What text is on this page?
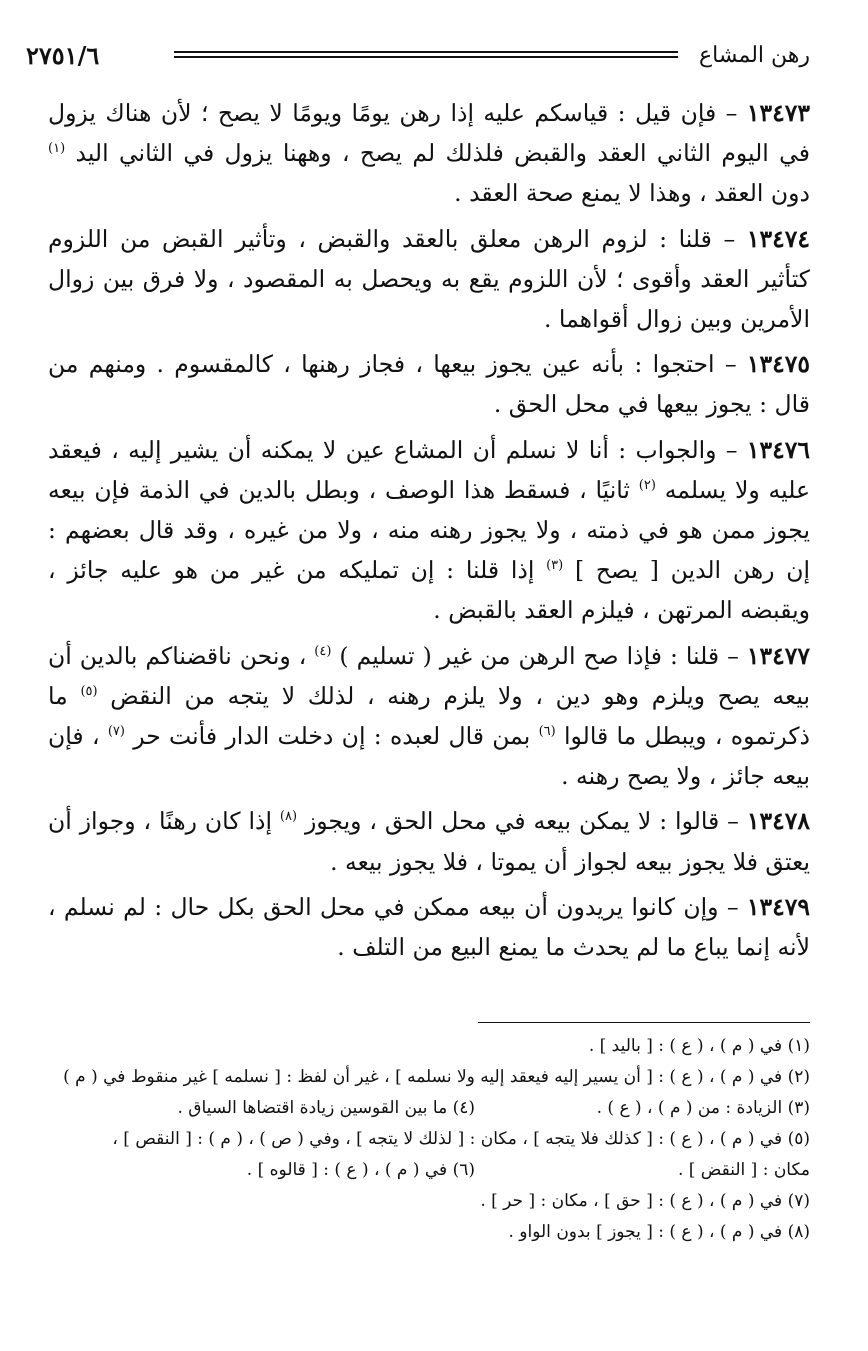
رهن المشاع
٢٧٥١/٦

١٣٤٧٣ – فإن قيل : قياسكم عليه إذا رهن يومًا ويومًا لا يصح ؛ لأن هناك يزول في اليوم الثاني العقد والقبض فلذلك لم يصح ، وههنا يزول في الثاني اليد $^{(١)}$ دون العقد ، وهذا لا يمنع صحة العقد .

١٣٤٧٤ – قلنا : لزوم الرهن معلق بالعقد والقبض ، وتأثير القبض من اللزوم كتأثير العقد وأقوى ؛ لأن اللزوم يقع به ويحصل به المقصود ، ولا فرق بين زوال الأمرين وبين زوال أقواهما .

١٣٤٧٥ – احتجوا : بأنه عين يجوز بيعها ، فجاز رهنها ، كالمقسوم . ومنهم من قال : يجوز بيعها في محل الحق .

١٣٤٧٦ – والجواب : أنا لا نسلم أن المشاع عين لا يمكنه أن يشير إليه ، فيعقد عليه ولا يسلمه $^{(٢)}$ ثانيًا ، فسقط هذا الوصف ، وبطل بالدين في الذمة فإن بيعه يجوز ممن هو في ذمته ، ولا يجوز رهنه منه ، ولا من غيره ، وقد قال بعضهم : إن رهن الدين [ يصح ] $^{(٣)}$ إذا قلنا : إن تمليكه من غير من هو عليه جائز ، ويقبضه المرتهن ، فيلزم العقد بالقبض .

١٣٤٧٧ – قلنا : فإذا صح الرهن من غير ( تسليم ) $^{(٤)}$ ، ونحن ناقضناكم بالدين أن بيعه يصح ويلزم وهو دين ، ولا يلزم رهنه ، لذلك لا يتجه من النقض $^{(٥)}$ ما ذكرتموه ، ويبطل ما قالوا $^{(٦)}$ بمن قال لعبده : إن دخلت الدار فأنت حر $^{(٧)}$ ، فإن بيعه جائز ، ولا يصح رهنه .

١٣٤٧٨ – قالوا : لا يمكن بيعه في محل الحق ، ويجوز $^{(٨)}$ إذا كان رهنًا ، وجواز أن يعتق فلا يجوز بيعه لجواز أن يموتا ، فلا يجوز بيعه .

١٣٤٧٩ – وإن كانوا يريدون أن بيعه ممكن في محل الحق بكل حال : لم نسلم ، لأنه إنما يباع ما لم يحدث ما يمنع البيع من التلف .

(١) في ( م ) ، ( ع ) : [ باليد ] .
(٢) في ( م ) ، ( ع ) : [ أن يسير إليه فيعقد إليه ولا نسلمه ] ، غير أن لفظ : [ نسلمه ] غير منقوط في ( م )
(٣) الزيادة : من ( م ) ، ( ع ) .(٤) ما بين القوسين زيادة اقتضاها السياق .
(٥) في ( م ) ، ( ع ) : [ كذلك فلا يتجه ] ، مكان : [ لذلك لا يتجه ] ، وفي ( ص ) ، ( م ) : [ النقص ] ،
مكان : [ النقض ] .(٦) في ( م ) ، ( ع ) : [ قالوه ] .
(٧) في ( م ) ، ( ع ) : [ حق ] ، مكان : [ حر ] .
(٨) في ( م ) ، ( ع ) : [ يجوز ] بدون الواو .
